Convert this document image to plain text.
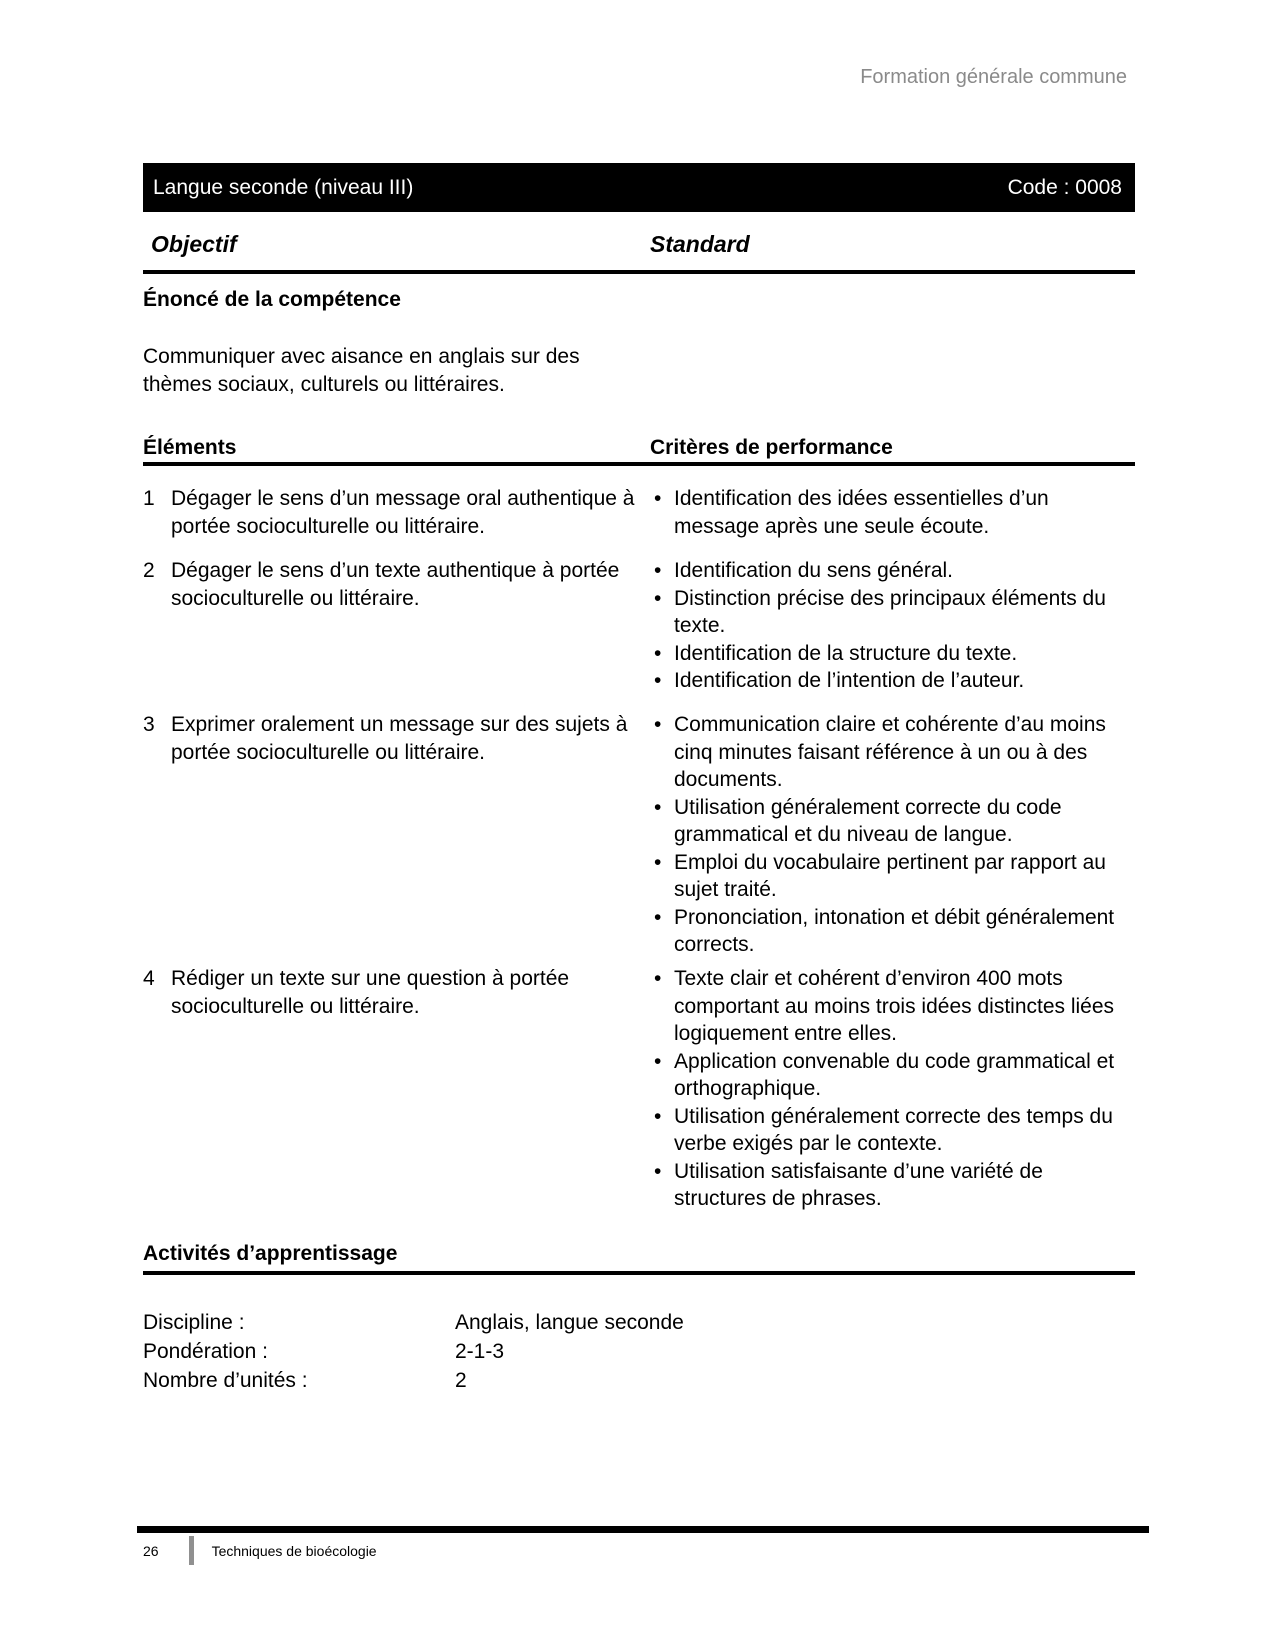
Formation générale commune
Langue seconde (niveau III)	Code : 0008
Objectif	Standard
Énoncé de la compétence

Communiquer avec aisance en anglais sur des thèmes sociaux, culturels ou littéraires.

Éléments	Critères de performance
1 Dégager le sens d’un message oral authentique à portée socioculturelle ou littéraire.
• Identification des idées essentielles d’un message après une seule écoute.
2 Dégager le sens d’un texte authentique à portée socioculturelle ou littéraire.
• Identification du sens général.
• Distinction précise des principaux éléments du texte.
• Identification de la structure du texte.
• Identification de l’intention de l’auteur.
3 Exprimer oralement un message sur des sujets à portée socioculturelle ou littéraire.
• Communication claire et cohérente d’au moins cinq minutes faisant référence à un ou à des documents.
• Utilisation généralement correcte du code grammatical et du niveau de langue.
• Emploi du vocabulaire pertinent par rapport au sujet traité.
• Prononciation, intonation et débit généralement corrects.
4 Rédiger un texte sur une question à portée socioculturelle ou littéraire.
• Texte clair et cohérent d’environ 400 mots comportant au moins trois idées distinctes liées logiquement entre elles.
• Application convenable du code grammatical et orthographique.
• Utilisation généralement correcte des temps du verbe exigés par le contexte.
• Utilisation satisfaisante d’une variété de structures de phrases.
Activités d’apprentissage
Discipline :	Anglais, langue seconde
Pondération :	2-1-3
Nombre d’unités :	2
26	Techniques de bioécologie
